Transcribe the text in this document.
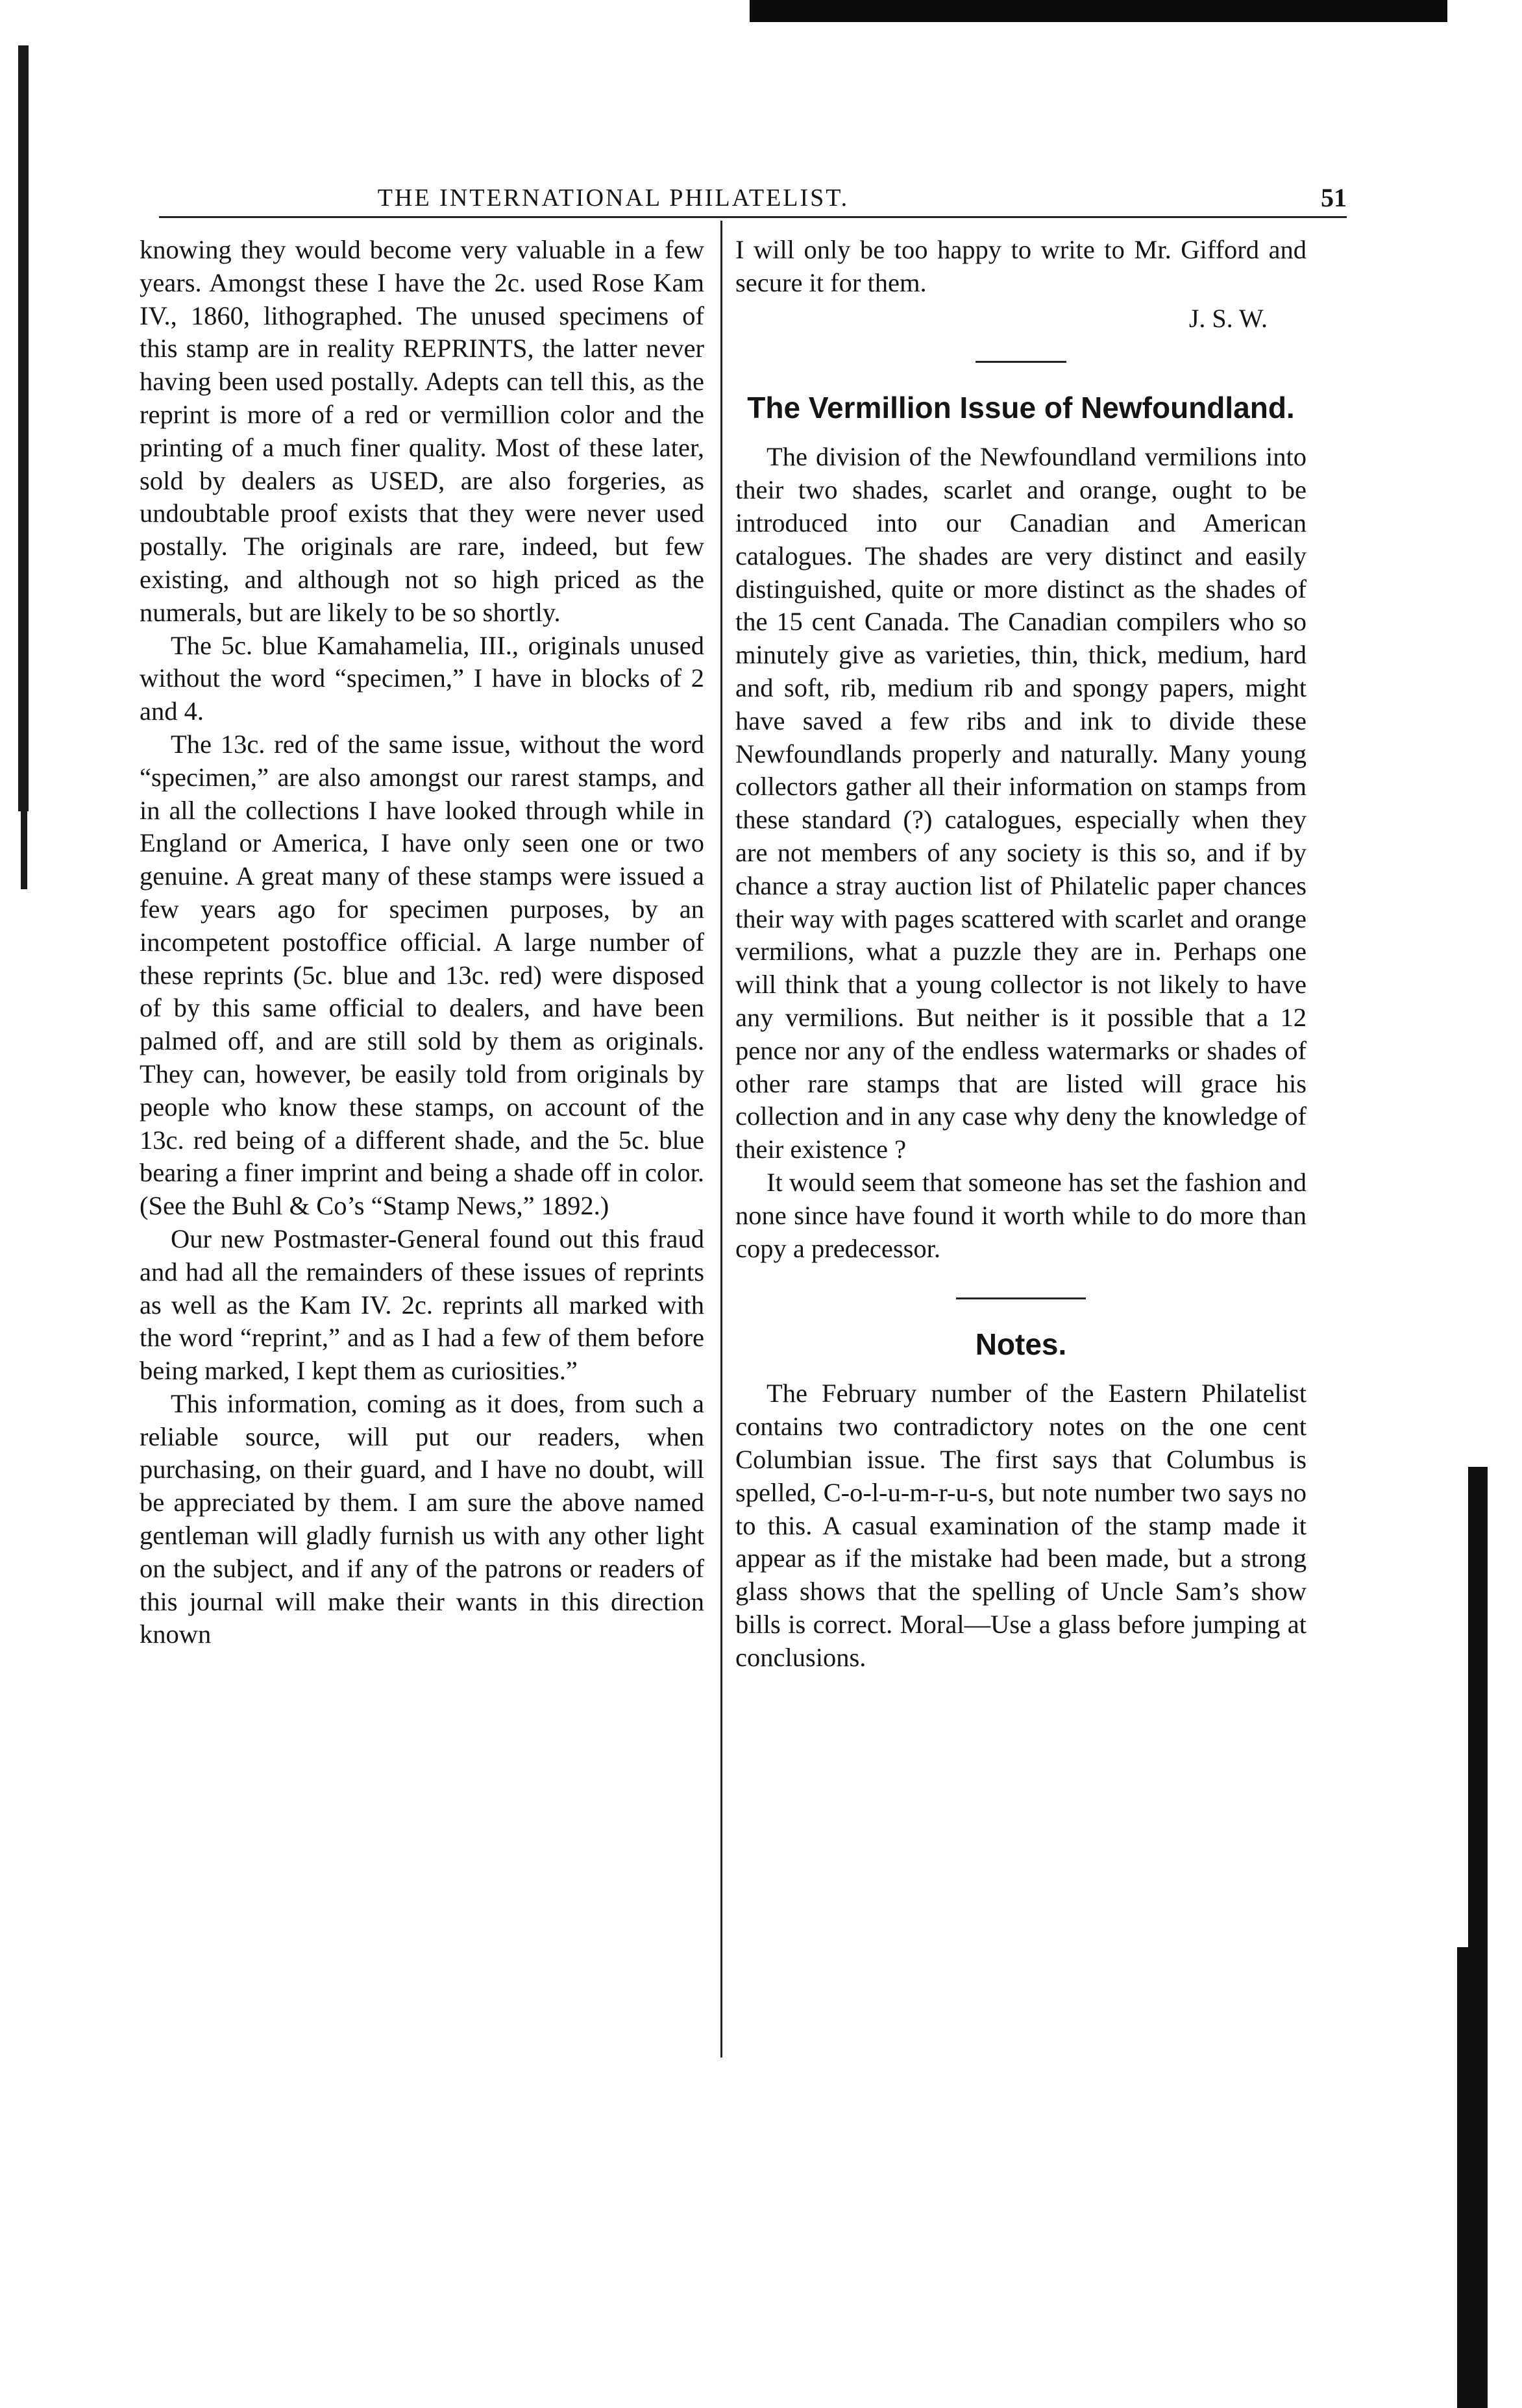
THE INTERNATIONAL PHILATELIST.	51

knowing they would become very valuable in a few years. Amongst these I have the 2c. used Rose Kam IV., 1860, lithographed. The unused specimens of this stamp are in reality REPRINTS, the latter never having been used postally. Adepts can tell this, as the reprint is more of a red or vermillion color and the printing of a much finer quality. Most of these later, sold by dealers as USED, are also forgeries, as undoubtable proof exists that they were never used postally. The originals are rare, indeed, but few existing, and although not so high priced as the numerals, but are likely to be so shortly.

The 5c. blue Kamahamelia, III., originals unused without the word “specimen,” I have in blocks of 2 and 4.

The 13c. red of the same issue, without the word “specimen,” are also amongst our rarest stamps, and in all the collections I have looked through while in England or America, I have only seen one or two genuine. A great many of these stamps were issued a few years ago for specimen purposes, by an incompetent postoffice official. A large number of these reprints (5c. blue and 13c. red) were disposed of by this same official to dealers, and have been palmed off, and are still sold by them as originals. They can, however, be easily told from originals by people who know these stamps, on account of the 13c. red being of a different shade, and the 5c. blue bearing a finer imprint and being a shade off in color. (See the Buhl & Co’s “Stamp News,” 1892.)

Our new Postmaster-General found out this fraud and had all the remainders of these issues of reprints as well as the Kam IV. 2c. reprints all marked with the word “reprint,” and as I had a few of them before being marked, I kept them as curiosities.”

This information, coming as it does, from such a reliable source, will put our readers, when purchasing, on their guard, and I have no doubt, will be appreciated by them. I am sure the above named gentleman will gladly furnish us with any other light on the subject, and if any of the patrons or readers of this journal will make their wants in this direction known

I will only be too happy to write to Mr. Gifford and secure it for them.

J. S. W.
The Vermillion Issue of Newfoundland.

The division of the Newfoundland vermilions into their two shades, scarlet and orange, ought to be introduced into our Canadian and American catalogues. The shades are very distinct and easily distinguished, quite or more distinct as the shades of the 15 cent Canada. The Canadian compilers who so minutely give as varieties, thin, thick, medium, hard and soft, rib, medium rib and spongy papers, might have saved a few ribs and ink to divide these Newfoundlands properly and naturally. Many young collectors gather all their information on stamps from these standard (?) catalogues, especially when they are not members of any society is this so, and if by chance a stray auction list of Philatelic paper chances their way with pages scattered with scarlet and orange vermilions, what a puzzle they are in. Perhaps one will think that a young collector is not likely to have any vermilions. But neither is it possible that a 12 pence nor any of the endless watermarks or shades of other rare stamps that are listed will grace his collection and in any case why deny the knowledge of their existence ?

It would seem that someone has set the fashion and none since have found it worth while to do more than copy a predecessor.

Notes.

The February number of the Eastern Philatelist contains two contradictory notes on the one cent Columbian issue. The first says that Columbus is spelled, C-o-l-u-m-r-u-s, but note number two says no to this. A casual examination of the stamp made it appear as if the mistake had been made, but a strong glass shows that the spelling of Uncle Sam’s show bills is correct. Moral—Use a glass before jumping at conclusions.
